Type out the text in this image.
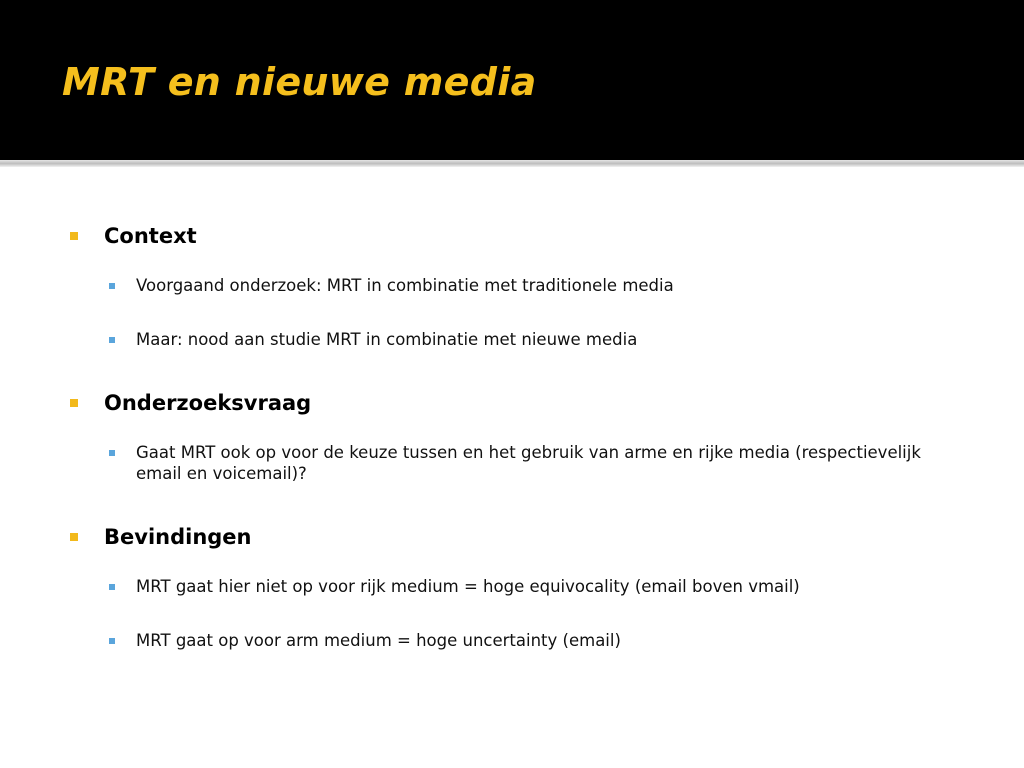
MRT en nieuwe media
Context
Voorgaand onderzoek: MRT in combinatie met traditionele media
Maar: nood aan studie MRT in combinatie met nieuwe media
Onderzoeksvraag
Gaat MRT ook op voor de keuze tussen en het gebruik van arme en rijke media (respectievelijk email en voicemail)?
Bevindingen
MRT gaat hier niet op voor rijk medium = hoge equivocality (email boven vmail)
MRT gaat op voor arm medium = hoge uncertainty (email)
